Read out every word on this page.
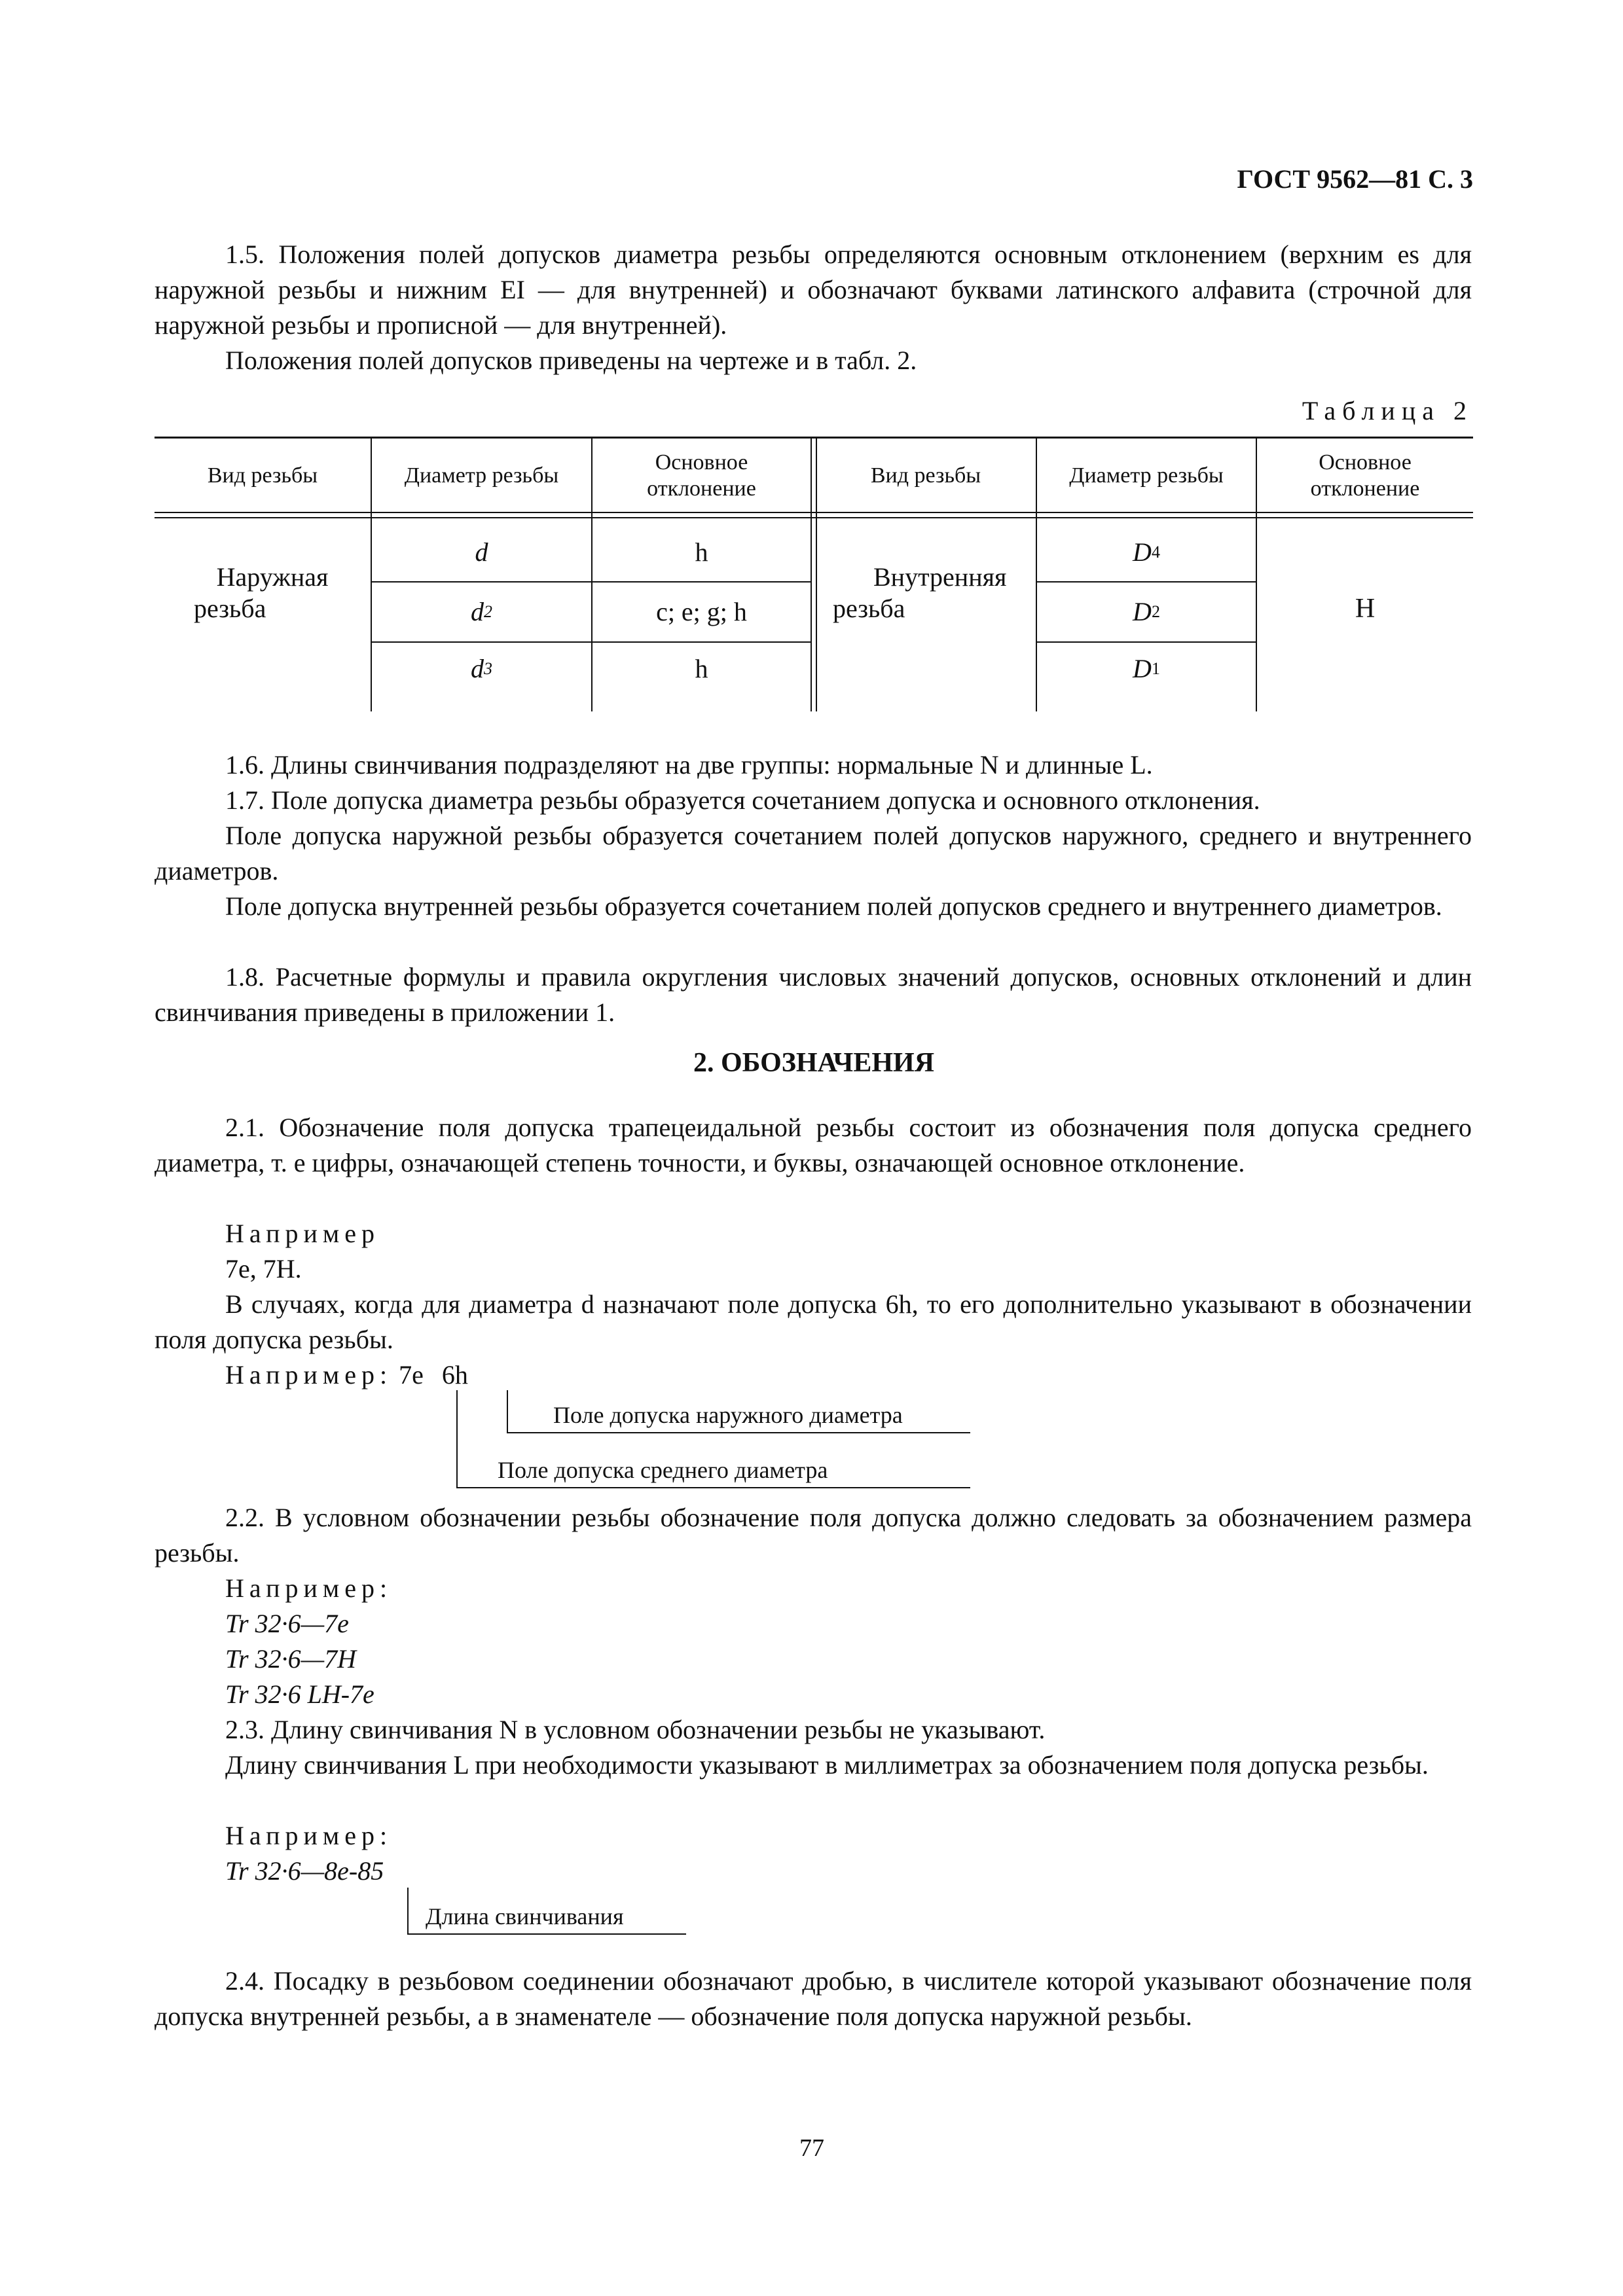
ГОСТ 9562—81 С. 3
1.5. Положения полей допусков диаметра резьбы определяются основным отклонением (верхним es для наружной резьбы и нижним EI — для внутренней) и обозначают буквами латинского алфавита (строчной для наружной резьбы и прописной — для внутренней).
Положения полей допусков приведены на чертеже и в табл. 2.
Таблица 2
Вид резьбы	Диаметр резьбы
Основное отклонение
Вид резьбы	Диаметр резьбы
Основное отклонение
Наружная
резьба
d
d 2
d 3
h
c; e; g; h
h
Внутренняя
резьба
D 4
D 2
D 1
H
1.6. Длины свинчивания подразделяют на две группы: нормальные N и длинные L.
1.7. Поле допуска диаметра резьбы образуется сочетанием допуска и основного отклонения.
Поле допуска наружной резьбы образуется сочетанием полей допусков наружного, среднего и внутреннего диаметров.
Поле допуска внутренней резьбы образуется сочетанием полей допусков среднего и внутреннего диаметров.
1.8. Расчетные формулы и правила округления числовых значений допусков, основных отклонений и длин свинчивания приведены в приложении 1.
2. ОБОЗНАЧЕНИЯ
2.1. Обозначение поля допуска трапецеидальной резьбы состоит из обозначения поля допуска среднего диаметра, т. е цифры, означающей степень точности, и буквы, означающей основное отклонение.
Например
7е, 7Н.
В случаях, когда для диаметра d назначают поле допуска 6h, то его дополнительно указывают в обозначении поля допуска резьбы.
Например: 7е 6h
Поле допуска наружного диаметра
Поле допуска среднего диаметра
2.2. В условном обозначении резьбы обозначение поля допуска должно следовать за обозначением размера резьбы.
Например:
Tr 32·6—7e
Tr 32·6—7H
Tr 32·6 LH-7e
2.3. Длину свинчивания N в условном обозначении резьбы не указывают.
Длину свинчивания L при необходимости указывают в миллиметрах за обозначением поля допуска резьбы.
Например:
Tr 32·6—8e-85
Длина свинчивания
2.4. Посадку в резьбовом соединении обозначают дробью, в числителе которой указывают обозначение поля допуска внутренней резьбы, а в знаменателе — обозначение поля допуска наружной резьбы.
77
